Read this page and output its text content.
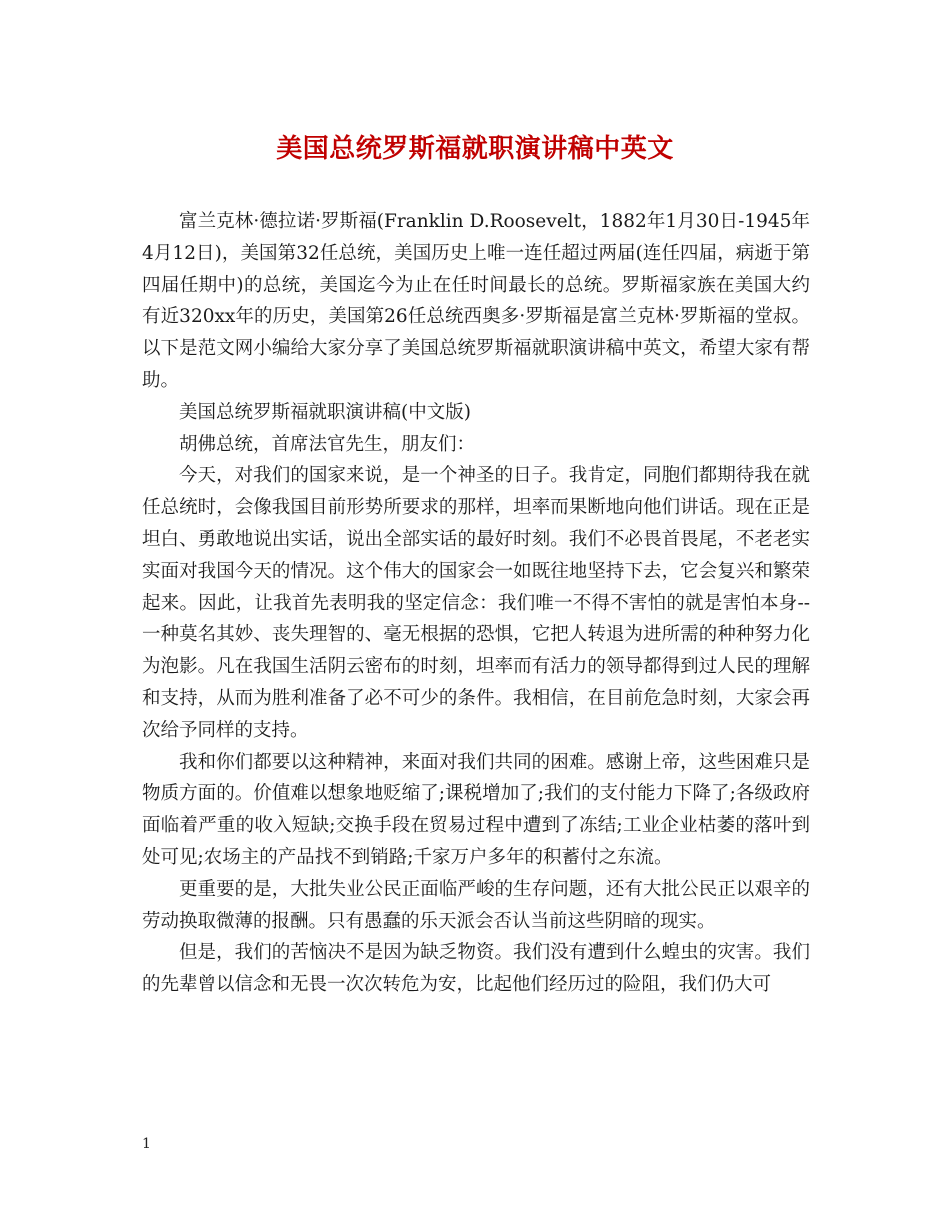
美国总统罗斯福就职演讲稿中英文

富兰克林·德拉诺·罗斯福(Franklin D.Roosevelt，1882年1月30日-1945年4月12日)，美国第32任总统，美国历史上唯一连任超过两届(连任四届，病逝于第四届任期中)的总统，美国迄今为止在任时间最长的总统。罗斯福家族在美国大约有近320xx年的历史，美国第26任总统西奥多·罗斯福是富兰克林·罗斯福的堂叔。以下是范文网小编给大家分享了美国总统罗斯福就职演讲稿中英文，希望大家有帮助。

美国总统罗斯福就职演讲稿(中文版)

胡佛总统，首席法官先生，朋友们：

今天，对我们的国家来说，是一个神圣的日子。我肯定，同胞们都期待我在就任总统时，会像我国目前形势所要求的那样，坦率而果断地向他们讲话。现在正是坦白、勇敢地说出实话，说出全部实话的最好时刻。我们不必畏首畏尾，不老老实实面对我国今天的情况。这个伟大的国家会一如既往地坚持下去，它会复兴和繁荣起来。因此，让我首先表明我的坚定信念：我们唯一不得不害怕的就是害怕本身--一种莫名其妙、丧失理智的、毫无根据的恐惧，它把人转退为进所需的种种努力化为泡影。凡在我国生活阴云密布的时刻，坦率而有活力的领导都得到过人民的理解和支持，从而为胜利准备了必不可少的条件。我相信，在目前危急时刻，大家会再次给予同样的支持。

我和你们都要以这种精神，来面对我们共同的困难。感谢上帝，这些困难只是物质方面的。价值难以想象地贬缩了;课税增加了;我们的支付能力下降了;各级政府面临着严重的收入短缺;交换手段在贸易过程中遭到了冻结;工业企业枯萎的落叶到处可见;农场主的产品找不到销路;千家万户多年的积蓄付之东流。

更重要的是，大批失业公民正面临严峻的生存问题，还有大批公民正以艰辛的劳动换取微薄的报酬。只有愚蠢的乐天派会否认当前这些阴暗的现实。

但是，我们的苦恼决不是因为缺乏物资。我们没有遭到什么蝗虫的灾害。我们的先辈曾以信念和无畏一次次转危为安，比起他们经历过的险阻，我们仍大可

1
